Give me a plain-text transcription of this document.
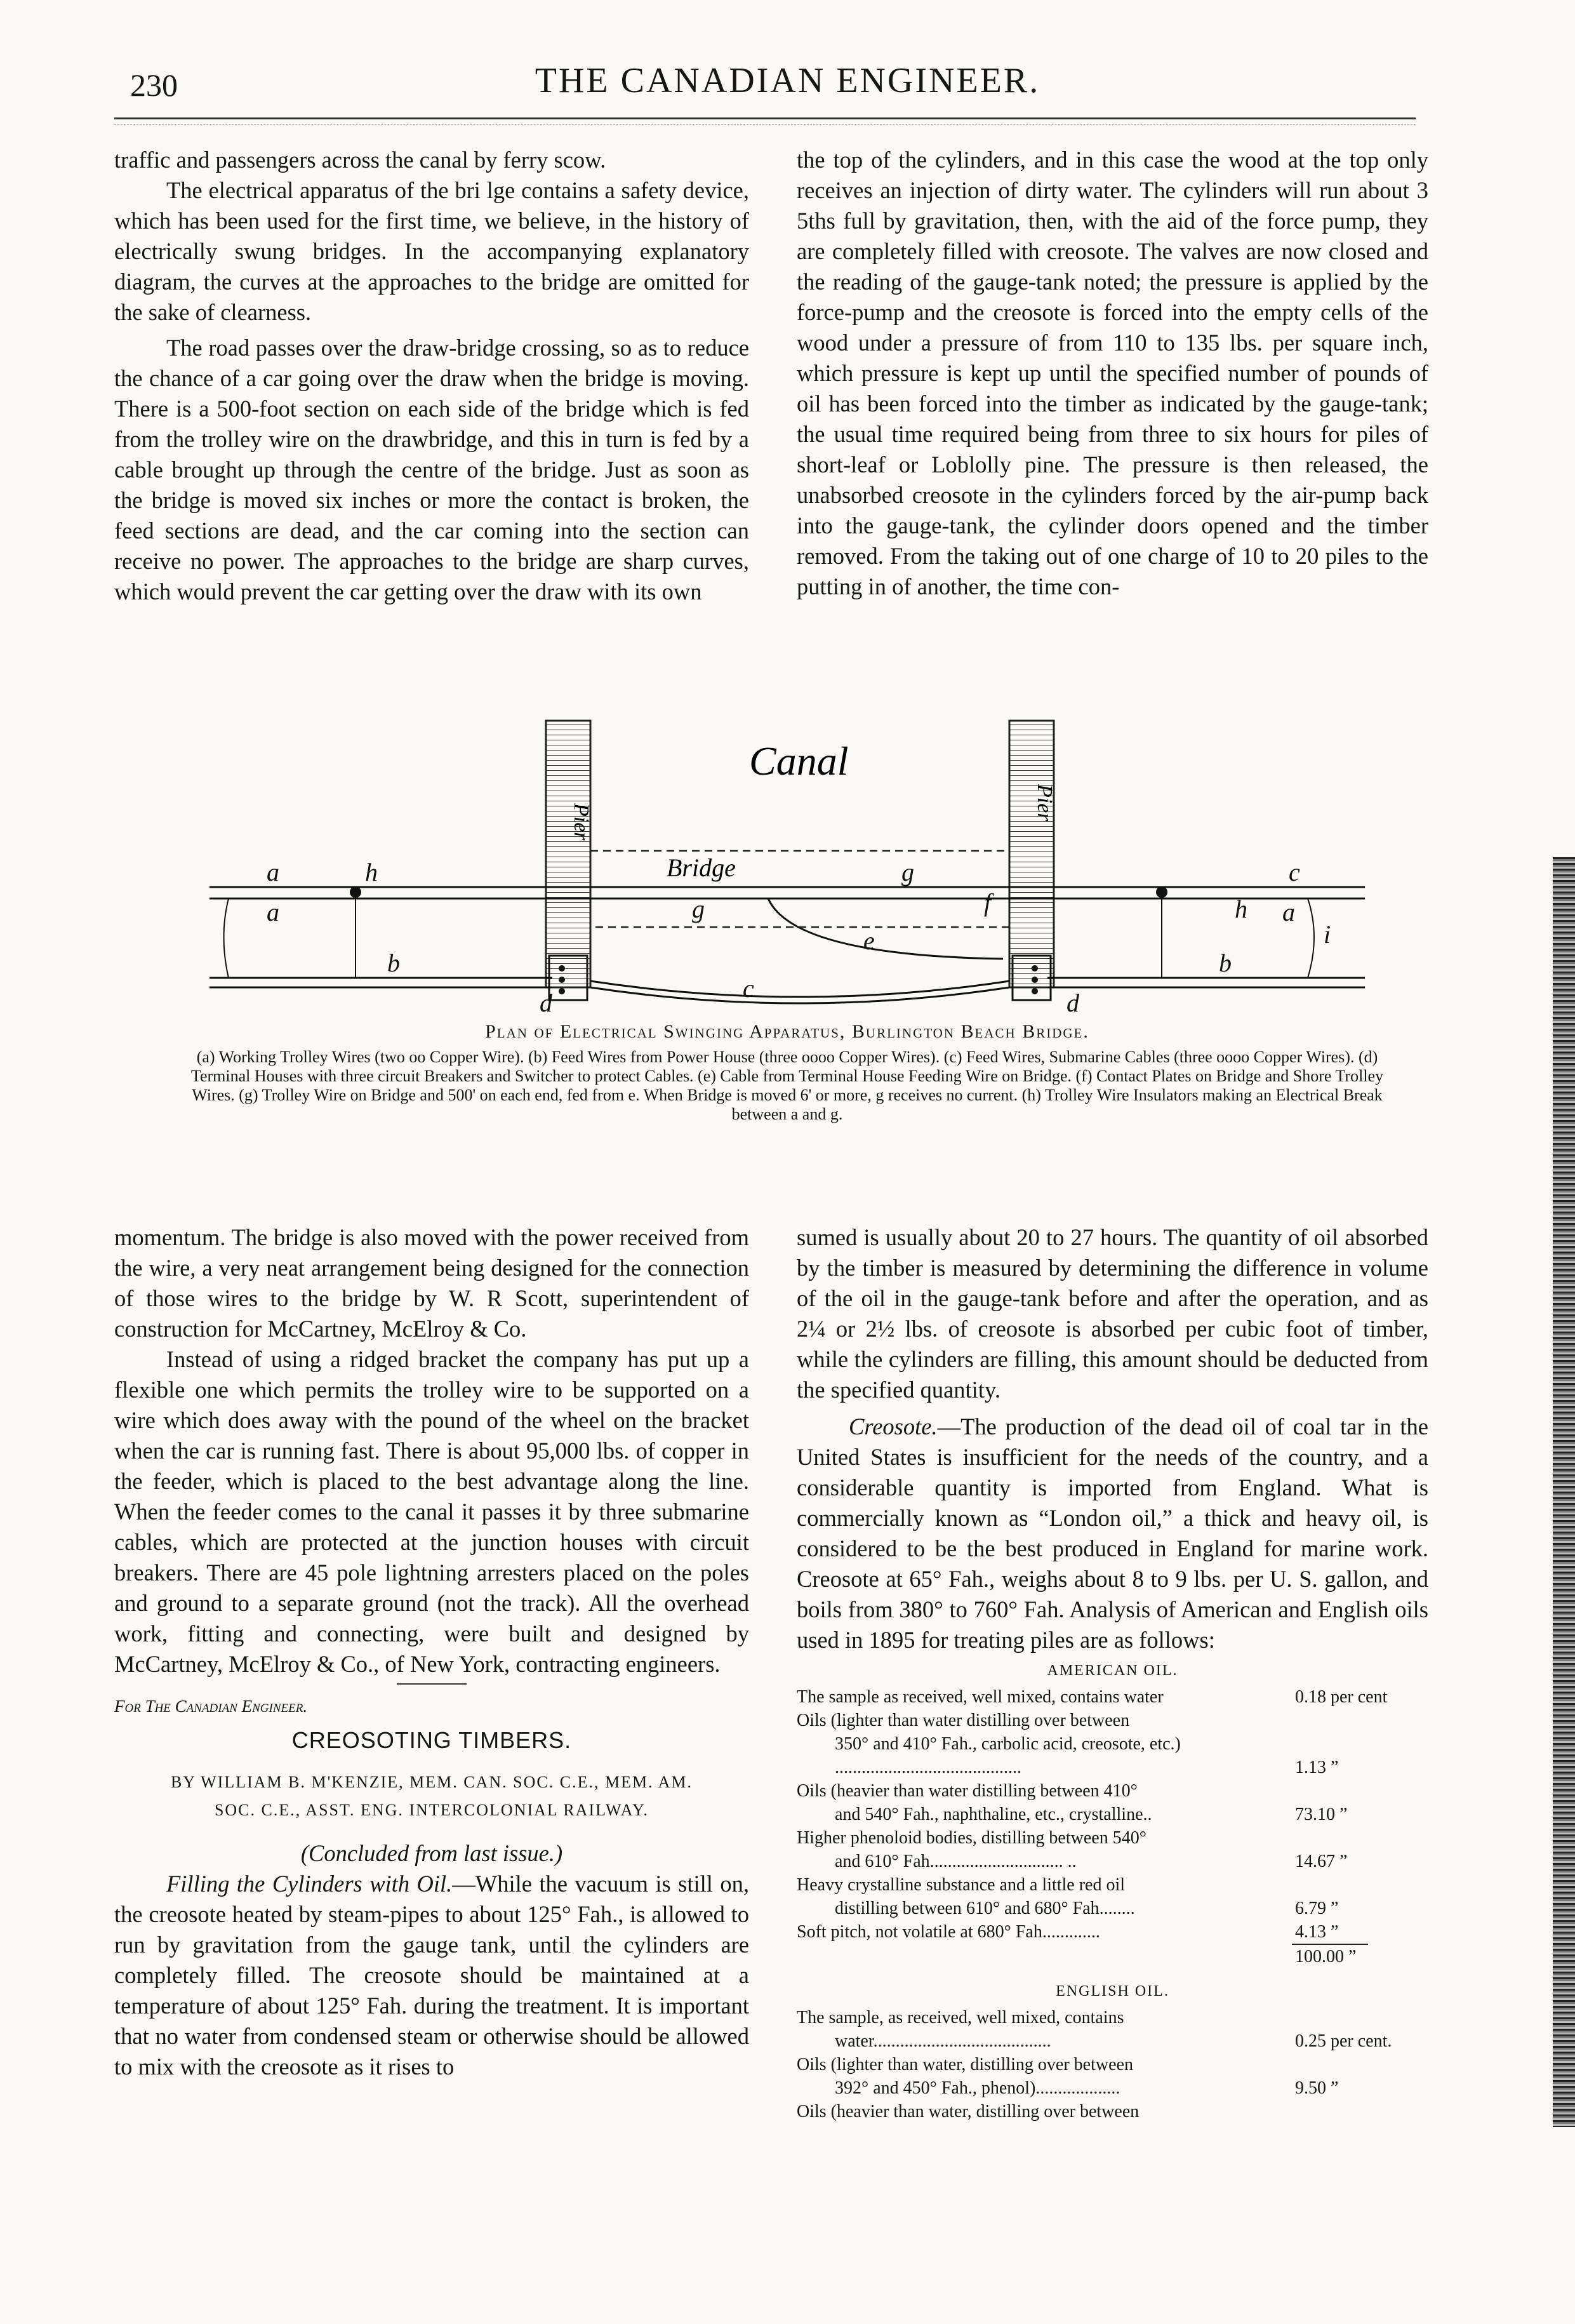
230	THE CANADIAN ENGINEER.

traffic and passengers across the canal by ferry scow.

The electrical apparatus of the bri lge contains a safety device, which has been used for the first time, we believe, in the history of electrically swung bridges. In the accompanying explanatory diagram, the curves at the approaches to the bridge are omitted for the sake of clearness.

The road passes over the draw-bridge crossing, so as to reduce the chance of a car going over the draw when the bridge is moving. There is a 500-foot section on each side of the bridge which is fed from the trolley wire on the drawbridge, and this in turn is fed by a cable brought up through the centre of the bridge. Just as soon as the bridge is moved six inches or more the contact is broken, the feed sections are dead, and the car coming into the section can receive no power. The approaches to the bridge are sharp curves, which would prevent the car getting over the draw with its own

the top of the cylinders, and in this case the wood at the top only receives an injection of dirty water. The cylinders will run about 3 5ths full by gravitation, then, with the aid of the force pump, they are completely filled with creosote. The valves are now closed and the reading of the gauge-tank noted; the pressure is applied by the force-pump and the creosote is forced into the empty cells of the wood under a pressure of from 110 to 135 lbs. per square inch, which pressure is kept up until the specified number of pounds of oil has been forced into the timber as indicated by the gauge-tank; the usual time required being from three to six hours for piles of short-leaf or Loblolly pine. The pressure is then released, the unabsorbed creosote in the cylinders forced by the air-pump back into the gauge-tank, the cylinder doors opened and the timber removed. From the taking out of one charge of 10 to 20 piles to the putting in of another, the time con-

Pier
Pier
Canal
Bridge
a
a
h
b
g
g
f
e
c
c
a
h
i
b
d	d
Plan of Electrical Swinging Apparatus, Burlington Beach Bridge.
(a) Working Trolley Wires (two oo Copper Wire). (b) Feed Wires from Power House (three oooo Copper Wires). (c) Feed Wires, Submarine Cables (three oooo Copper Wires). (d) Terminal Houses with three circuit Breakers and Switcher to protect Cables. (e) Cable from Terminal House Feeding Wire on Bridge. (f) Contact Plates on Bridge and Shore Trolley Wires. (g) Trolley Wire on Bridge and 500' on each end, fed from e. When Bridge is moved 6' or more, g receives no current. (h) Trolley Wire Insulators making an Electrical Break between a and g.

momentum. The bridge is also moved with the power received from the wire, a very neat arrangement being designed for the connection of those wires to the bridge by W. R Scott, superintendent of construction for McCartney, McElroy & Co.

Instead of using a ridged bracket the company has put up a flexible one which permits the trolley wire to be supported on a wire which does away with the pound of the wheel on the bracket when the car is running fast. There is about 95,000 lbs. of copper in the feeder, which is placed to the best advantage along the line. When the feeder comes to the canal it passes it by three submarine cables, which are protected at the junction houses with circuit breakers. There are 45 pole lightning arresters placed on the poles and ground to a separate ground (not the track). All the overhead work, fitting and connecting, were built and designed by McCartney, McElroy & Co., of New York, contracting engineers.

For The Canadian Engineer.
CREOSOTING TIMBERS.
BY WILLIAM B. M'KENZIE, MEM. CAN. SOC. C.E., MEM. AM.
SOC. C.E., ASST. ENG. INTERCOLONIAL RAILWAY.

(Concluded from last issue.)

Filling the Cylinders with Oil.—While the vacuum is still on, the creosote heated by steam-pipes to about 125° Fah., is allowed to run by gravitation from the gauge tank, until the cylinders are completely filled. The creosote should be maintained at a temperature of about 125° Fah. during the treatment. It is important that no water from condensed steam or otherwise should be allowed to mix with the creosote as it rises to

sumed is usually about 20 to 27 hours. The quantity of oil absorbed by the timber is measured by determining the difference in volume of the oil in the gauge-tank before and after the operation, and as 2¼ or 2½ lbs. of creosote is absorbed per cubic foot of timber, while the cylinders are filling, this amount should be deducted from the specified quantity.

Creosote.—The production of the dead oil of coal tar in the United States is insufficient for the needs of the country, and a considerable quantity is imported from England. What is commercially known as “London oil,” a thick and heavy oil, is considered to be the best produced in England for marine work. Creosote at 65° Fah., weighs about 8 to 9 lbs. per U. S. gallon, and boils from 380° to 760° Fah. Analysis of American and English oils used in 1895 for treating piles are as follows:

AMERICAN OIL.
The sample as received, well mixed, contains water	0.18 per cent
Oils (lighter than water distilling over between
350° and 410° Fah., carbolic acid, creosote, etc.) ..........................................	1.13 ”
Oils (heavier than water distilling between 410°
and 540° Fah., naphthaline, etc., crystalline..	73.10 ”
Higher phenoloid bodies, distilling between 540°
and 610° Fah.............................. ..	14.67 ”
Heavy crystalline substance and a little red oil
distilling between 610° and 680° Fah........	6.79 ”
Soft pitch, not volatile at 680° Fah.............	4.13 ”
100.00 ”
ENGLISH OIL.
The sample, as received, well mixed, contains
water........................................	0.25 per cent.
Oils (lighter than water, distilling over between
392° and 450° Fah., phenol)...................	9.50 ”
Oils (heavier than water, distilling over between
